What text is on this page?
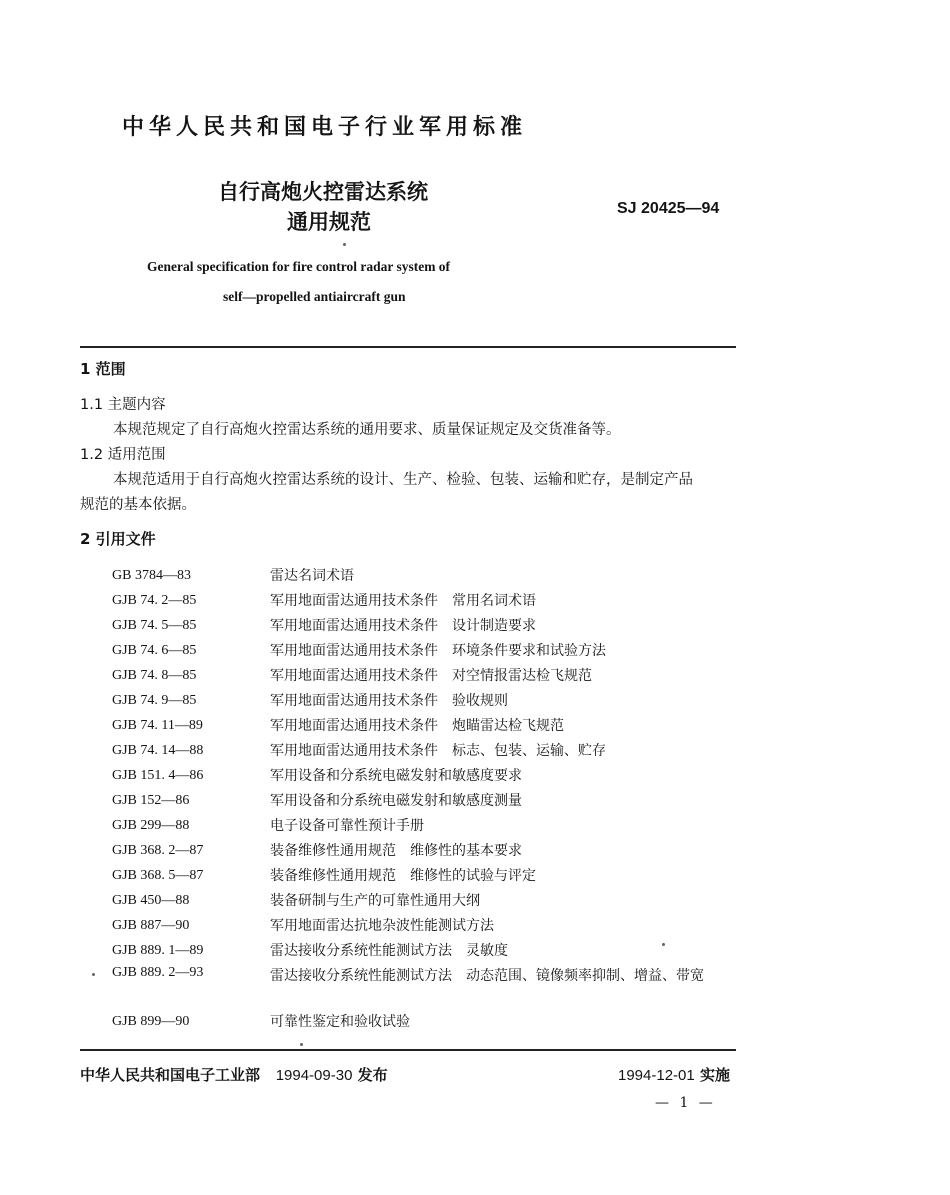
中华人民共和国电子行业军用标准
自行高炮火控雷达系统
通用规范
SJ 20425—94
General specification for fire control radar system of
self—propelled antiaircraft gun
1 范围
1.1 主题内容
本规范规定了自行高炮火控雷达系统的通用要求、质量保证规定及交货准备等。
1.2 适用范围
本规范适用于自行高炮火控雷达系统的设计、生产、检验、包装、运输和贮存，是制定产品
规范的基本依据。
2 引用文件
GB 3784—83	雷达名词术语
GJB 74. 2—85	军用地面雷达通用技术条件　常用名词术语
GJB 74. 5—85	军用地面雷达通用技术条件　设计制造要求
GJB 74. 6—85	军用地面雷达通用技术条件　环境条件要求和试验方法
GJB 74. 8—85	军用地面雷达通用技术条件　对空情报雷达检飞规范
GJB 74. 9—85	军用地面雷达通用技术条件　验收规则
GJB 74. 11—89	军用地面雷达通用技术条件　炮瞄雷达检飞规范
GJB 74. 14—88	军用地面雷达通用技术条件　标志、包装、运输、贮存
GJB 151. 4—86	军用设备和分系统电磁发射和敏感度要求
GJB 152—86	军用设备和分系统电磁发射和敏感度测量
GJB 299—88	电子设备可靠性预计手册
GJB 368. 2—87	装备维修性通用规范　维修性的基本要求
GJB 368. 5—87	装备维修性通用规范　维修性的试验与评定
GJB 450—88	装备研制与生产的可靠性通用大纲
GJB 887—90	军用地面雷达抗地杂波性能测试方法
GJB 889. 1—89	雷达接收分系统性能测试方法　灵敏度
GJB 889. 2—93	雷达接收分系统性能测试方法　动态范围、镜像频率抑制、增益、带宽
GJB 899—90	可靠性鉴定和验收试验
中华人民共和国电子工业部 1994-09-30 发布	1994-12-01 实施
— 1 —
